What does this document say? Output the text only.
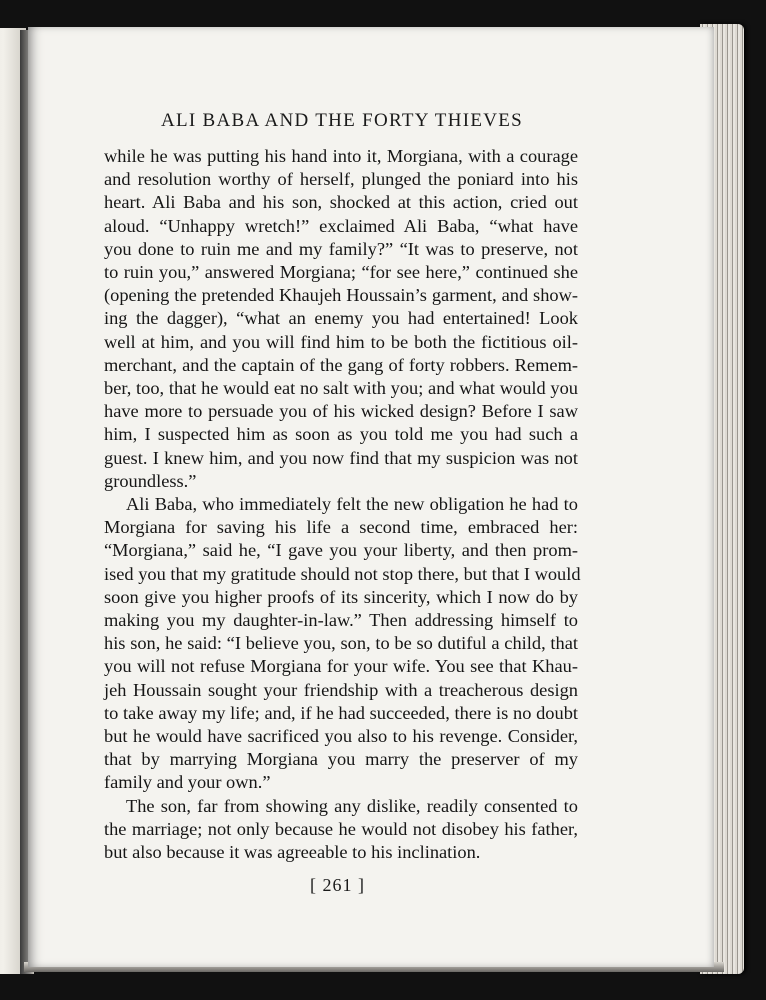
ALI BABA AND THE FORTY THIEVES
while he was putting his hand into it, Morgiana, with a courage
and resolution worthy of herself, plunged the poniard into his
heart. Ali Baba and his son, shocked at this action, cried out
aloud. “Unhappy wretch!” exclaimed Ali Baba, “what have
you done to ruin me and my family?” “It was to preserve, not
to ruin you,” answered Morgiana; “for see here,” continued she
(opening the pretended Khaujeh Houssain’s garment, and show-
ing the dagger), “what an enemy you had entertained! Look
well at him, and you will find him to be both the fictitious oil-
merchant, and the captain of the gang of forty robbers. Remem-
ber, too, that he would eat no salt with you; and what would you
have more to persuade you of his wicked design? Before I saw
him, I suspected him as soon as you told me you had such a
guest. I knew him, and you now find that my suspicion was not
groundless.”
Ali Baba, who immediately felt the new obligation he had to
Morgiana for saving his life a second time, embraced her:
“Morgiana,” said he, “I gave you your liberty, and then prom-
ised you that my gratitude should not stop there, but that I would
soon give you higher proofs of its sincerity, which I now do by
making you my daughter-in-law.” Then addressing himself to
his son, he said: “I believe you, son, to be so dutiful a child, that
you will not refuse Morgiana for your wife. You see that Khau-
jeh Houssain sought your friendship with a treacherous design
to take away my life; and, if he had succeeded, there is no doubt
but he would have sacrificed you also to his revenge. Consider,
that by marrying Morgiana you marry the preserver of my
family and your own.”
The son, far from showing any dislike, readily consented to
the marriage; not only because he would not disobey his father,
but also because it was agreeable to his inclination.
[ 261 ]
